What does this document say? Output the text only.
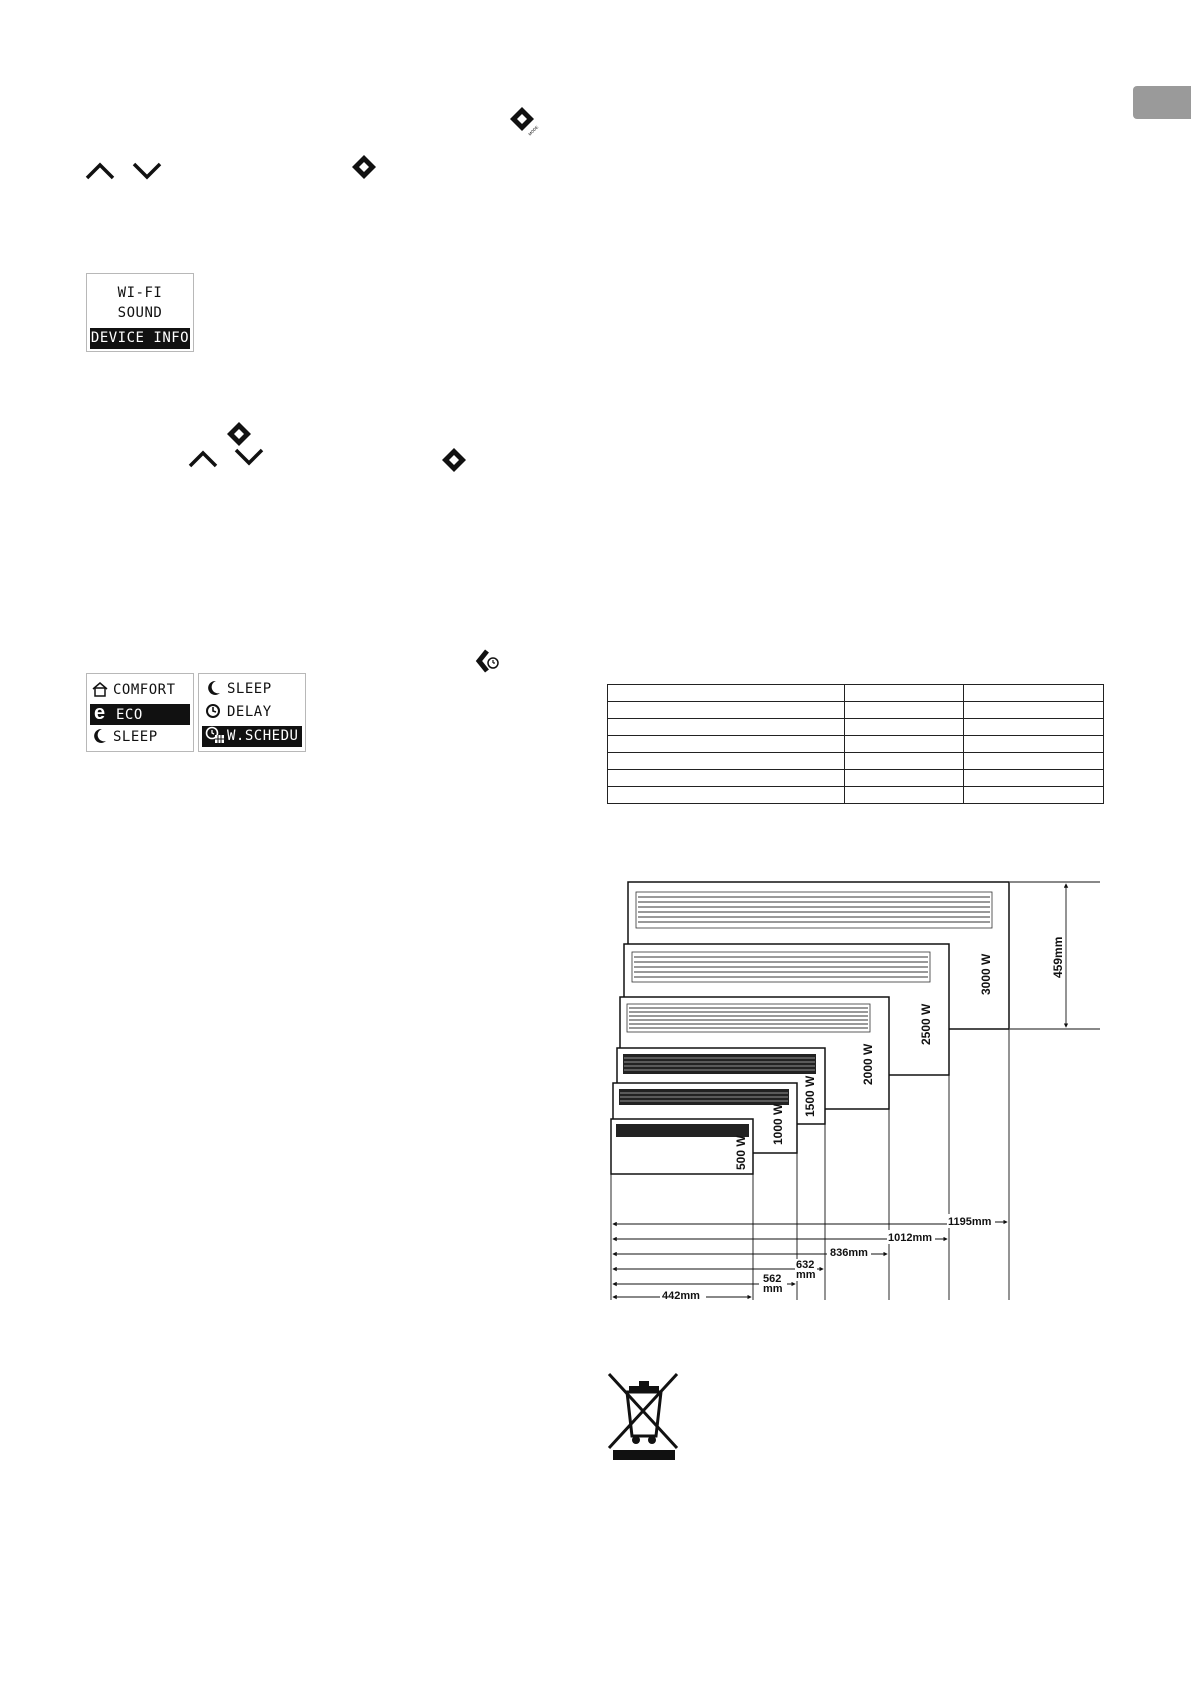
MODE
WI-FI
SOUND
DEVICE INFO
COMFORT
e ECO
SLEEP
SLEEP
DELAY
W.SCHEDU

3000 W
2500 W
2000 W
1500 W
1000 W
500 W
459mm
1195mm
1012mm
836mm
632
mm
562
mm
442mm
